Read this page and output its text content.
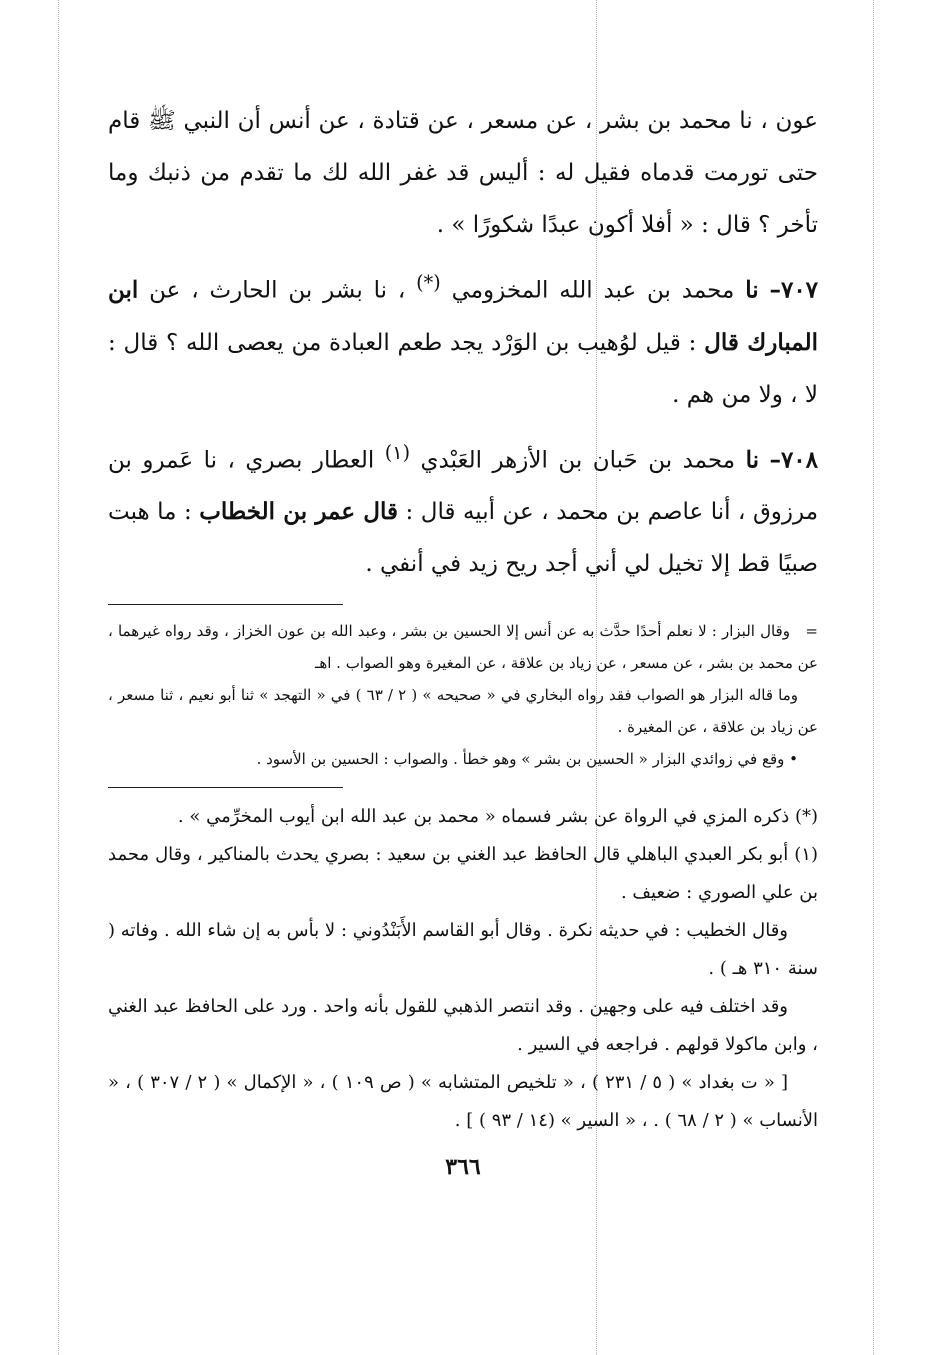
عون ، نا محمد بن بشر ، عن مسعر ، عن قتادة ، عن أنس أن النبي ﷺ قام حتى تورمت قدماه فقيل له : أليس قد غفر الله لك ما تقدم من ذنبك وما تأخر ؟ قال : « أفلا أكون عبدًا شكورًا » .

٧٠٧– نا محمد بن عبد الله المخزومي (*) ، نا بشر بن الحارث ، عن ابن المبارك قال : قيل لوُهيب بن الوَرْد يجد طعم العبادة من يعصى الله ؟ قال : لا ، ولا من هم .

٧٠٨– نا محمد بن حَبان بن الأزهر العَبْدي $^{(١)}$ العطار بصري ، نا عَمرو بن مرزوق ، أنا عاصم بن محمد ، عن أبيه قال : قال عمر بن الخطاب : ما هبت صبيًا قط إلا تخيل لي أني أجد ريح زيد في أنفي .

=   وقال البزار : لا نعلم أحدًا حدَّث به عن أنس إلا الحسين بن بشر ، وعبد الله بن عون الخزاز ، وقد رواه غيرهما ، عن محمد بن بشر ، عن مسعر ، عن زياد بن علاقة ، عن المغيرة وهو الصواب . اهـ

وما قاله البزار هو الصواب فقد رواه البخاري في « صحيحه » ( ٢ / ٦٣ ) في « التهجد » ثنا أبو نعيم ، ثنا مسعر ، عن زياد بن علاقة ، عن المغيرة .

• وقع في زوائدي البزار « الحسين بن بشر » وهو خطأ . والصواب : الحسين بن الأسود .

(*) ذكره المزي في الرواة عن بشر فسماه « محمد بن عبد الله ابن أيوب المخرِّمي » .

(١) أبو بكر العبدي الباهلي قال الحافظ عبد الغني بن سعيد : بصري يحدث بالمناكير ، وقال محمد بن علي الصوري : ضعيف .

وقال الخطيب : في حديثه نكرة . وقال أبو القاسم الأَبَنْدُوني : لا بأس به إن شاء الله . وفاته ( سنة ٣١٠ هـ ) .

وقد اختلف فيه على وجهين . وقد انتصر الذهبي للقول بأنه واحد . ورد على الحافظ عبد الغني ، وابن ماكولا قولهم . فراجعه في السير .

[ « ت بغداد » ( ٥ / ٢٣١ ) ، « تلخيص المتشابه » ( ص ١٠٩ ) ، « الإكمال » ( ٢ / ٣٠٧ ) ، « الأنساب » ( ٢ / ٦٨ ) . ، « السير » (١٤ / ٩٣ ) ] .

٣٦٦
